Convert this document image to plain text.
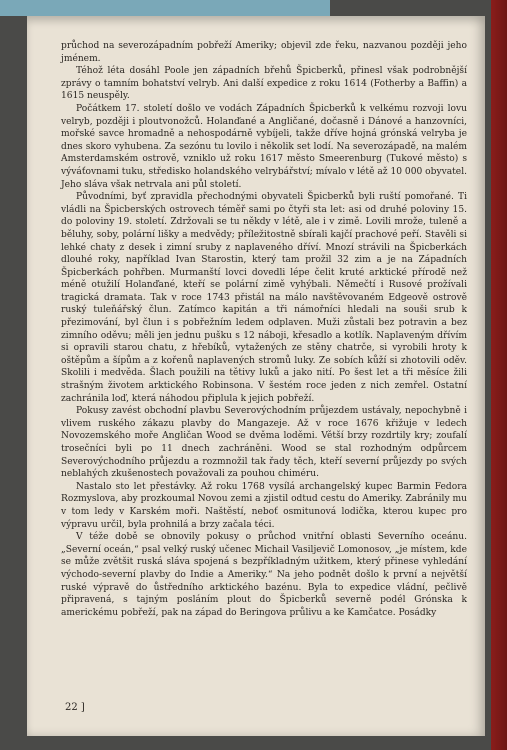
průchod na severozápadním pobřeží Ameriky; objevil zde řeku, nazvanou později jeho jménem.

Téhož léta dosáhl Poole jen západních břehů Špicberků, přinesl však podrobnější zprávy o tamním bohatství velryb. Ani další expedice z roku 1614 (Fotherby a Baffin) a 1615 neuspěly.

Počátkem 17. století došlo ve vodách Západních Špicberků k velkému rozvoji lovu velryb, později i ploutvonožců. Holanďané a Angličané, dočasně i Dánové a hanzovníci, mořské savce hromadně a nehospodárně vybíjeli, takže dříve hojná grónská velryba je dnes skoro vyhubena. Za sezónu tu lovilo i několik set lodí. Na severozápadě, na malém Amsterdamském ostrově, vzniklo už roku 1617 město Smeerenburg (Tukové město) s výváťovnami tuku, středisko holandského velrybářství; mívalo v létě až 10 000 obyvatel. Jeho sláva však netrvala ani půl století.

Původními, byť zpravidla přechodnými obyvateli Špicberků byli ruští pomořané. Ti vládli na Špicberských ostrovech téměř sami po čtyři sta let: asi od druhé poloviny 15. do poloviny 19. století. Zdržovali se tu někdy v létě, ale i v zimě. Lovili mrože, tuleně a běluhy, soby, polární lišky a medvědy; příležitostně sbírali kajčí prachové peří. Stavěli si lehké chaty z desek i zimní sruby z naplaveného dříví. Mnozí strávili na Špicberkách dlouhé roky, například Ivan Starostin, který tam prožil 32 zim a je na Západních Špicberkách pohřben. Murmanští lovci dovedli lépe čelit kruté arktické přírodě než méně otužilí Holanďané, kteří se polární zimě vyhýbali. Němečtí i Rusové prožívali tragická dramata. Tak v roce 1743 přistál na málo navštěvovaném Edgeově ostrově ruský tuleňářský člun. Zatímco kapitán a tři námořníci hledali na souši srub k přezimování, byl člun i s pobřežním ledem odplaven. Muži zůstali bez potravin a bez zimního oděvu; měli jen jednu pušku s 12 náboji, křesadlo a kotlík. Naplaveným dřívím si opravili starou chatu, z hřebíků, vytažených ze stěny chatrče, si vyrobili hroty k oštěpům a šípům a z kořenů naplavených stromů luky. Ze sobích kůží si zhotovili oděv. Skolili i medvěda. Šlach použili na tětivy luků a jako nití. Po šest let a tři měsíce žili strašným životem arktického Robinsona. V šestém roce jeden z nich zemřel. Ostatní zachránila loď, která náhodou připlula k jejich pobřeží.

Pokusy zavést obchodní plavbu Severovýchodním průjezdem ustávaly, nepochybně i vlivem ruského zákazu plavby do Mangazeje. Až v roce 1676 křižuje v ledech Novozemského moře Angličan Wood se dvěma loděmi. Větší brzy rozdrtily kry; zoufalí trosečníci byli po 11 dnech zachráněni. Wood se stal rozhodným odpůrcem Severovýchodního průjezdu a rozmnožil tak řady těch, kteří severní průjezdy po svých neblahých zkušenostech považovali za pouhou chiméru.

Nastalo sto let přestávky. Až roku 1768 vysílá archangelský kupec Barmin Fedora Rozmyslova, aby prozkoumal Novou zemi a zjistil odtud cestu do Ameriky. Zabránily mu v tom ledy v Karském moři. Naštěstí, neboť osmitunová lodička, kterou kupec pro výpravu určil, byla prohnilá a brzy začala téci.

V téže době se obnovily pokusy o průchod vnitřní oblasti Severního oceánu. „Severní oceán,“ psal velký ruský učenec Michail Vasiljevič Lomonosov, „je místem, kde se může zvětšit ruská sláva spojená s bezpříkladným užitkem, který přinese vyhledání východo-severní plavby do Indie a Ameriky.“ Na jeho podnět došlo k první a největší ruské výpravě do ůstředního arktického bazénu. Byla to expedice vládní, pečlivě připravená, s tajným posláním plout do Špicberků severně podél Grónska k americkému pobřeží, pak na západ do Beringova průlivu a ke Kamčatce. Posádky

22 ]
